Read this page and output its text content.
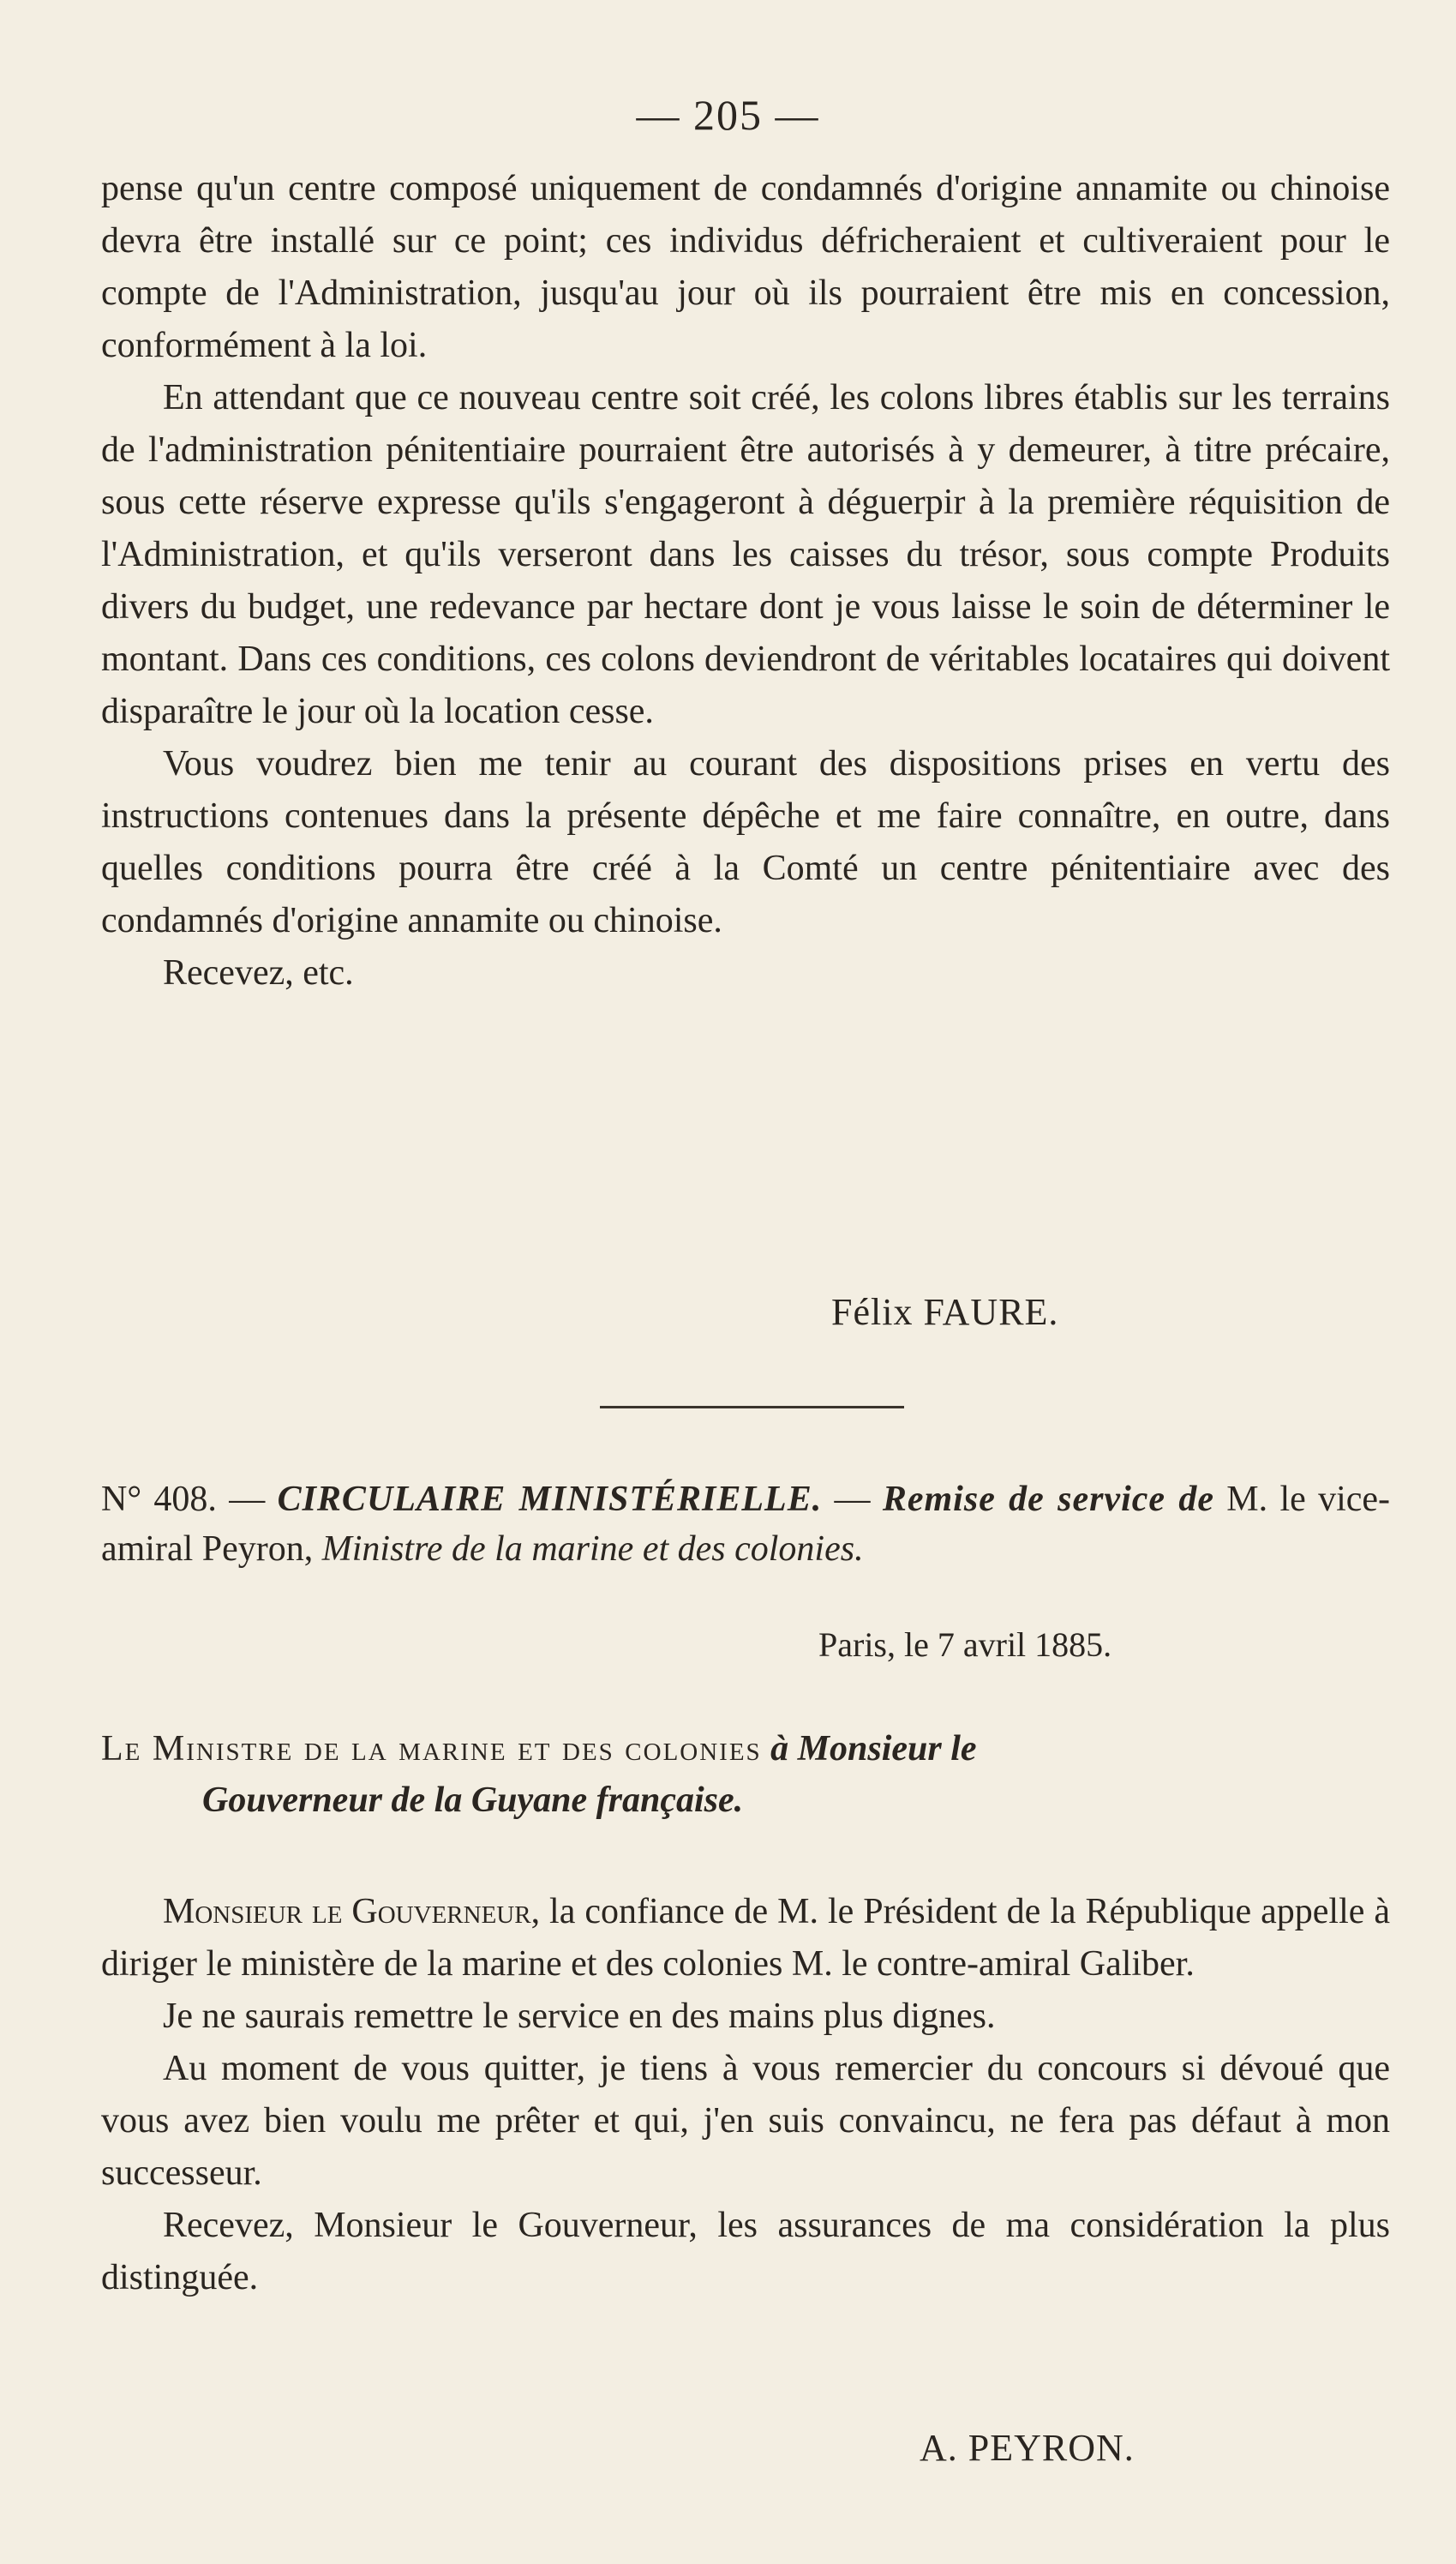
— 205 —

pense qu'un centre composé uniquement de condamnés d'origine annamite ou chinoise devra être installé sur ce point; ces individus défricheraient et cultiveraient pour le compte de l'Administration, jusqu'au jour où ils pourraient être mis en concession, conformément à la loi.

En attendant que ce nouveau centre soit créé, les colons libres établis sur les terrains de l'administration pénitentiaire pourraient être autorisés à y demeurer, à titre précaire, sous cette réserve expresse qu'ils s'engageront à déguerpir à la première réquisition de l'Administration, et qu'ils verseront dans les caisses du trésor, sous compte Produits divers du budget, une redevance par hectare dont je vous laisse le soin de déterminer le montant. Dans ces conditions, ces colons deviendront de véritables locataires qui doivent disparaître le jour où la location cesse.

Vous voudrez bien me tenir au courant des dispositions prises en vertu des instructions contenues dans la présente dépêche et me faire connaître, en outre, dans quelles conditions pourra être créé à la Comté un centre pénitentiaire avec des condamnés d'origine annamite ou chinoise.

Recevez, etc.

Félix FAURE.
N° 408. — CIRCULAIRE MINISTÉRIELLE. — Remise de service de M. le vice-amiral Peyron, Ministre de la marine et des colonies.
Paris, le 7 avril 1885.
Le Ministre de la marine et des colonies à Monsieur le
Gouverneur de la Guyane française.

Monsieur le Gouverneur, la confiance de M. le Président de la République appelle à diriger le ministère de la marine et des colonies M. le contre-amiral Galiber.

Je ne saurais remettre le service en des mains plus dignes.

Au moment de vous quitter, je tiens à vous remercier du concours si dévoué que vous avez bien voulu me prêter et qui, j'en suis convaincu, ne fera pas défaut à mon successeur.

Recevez, Monsieur le Gouverneur, les assurances de ma considération la plus distinguée.

A. PEYRON.
